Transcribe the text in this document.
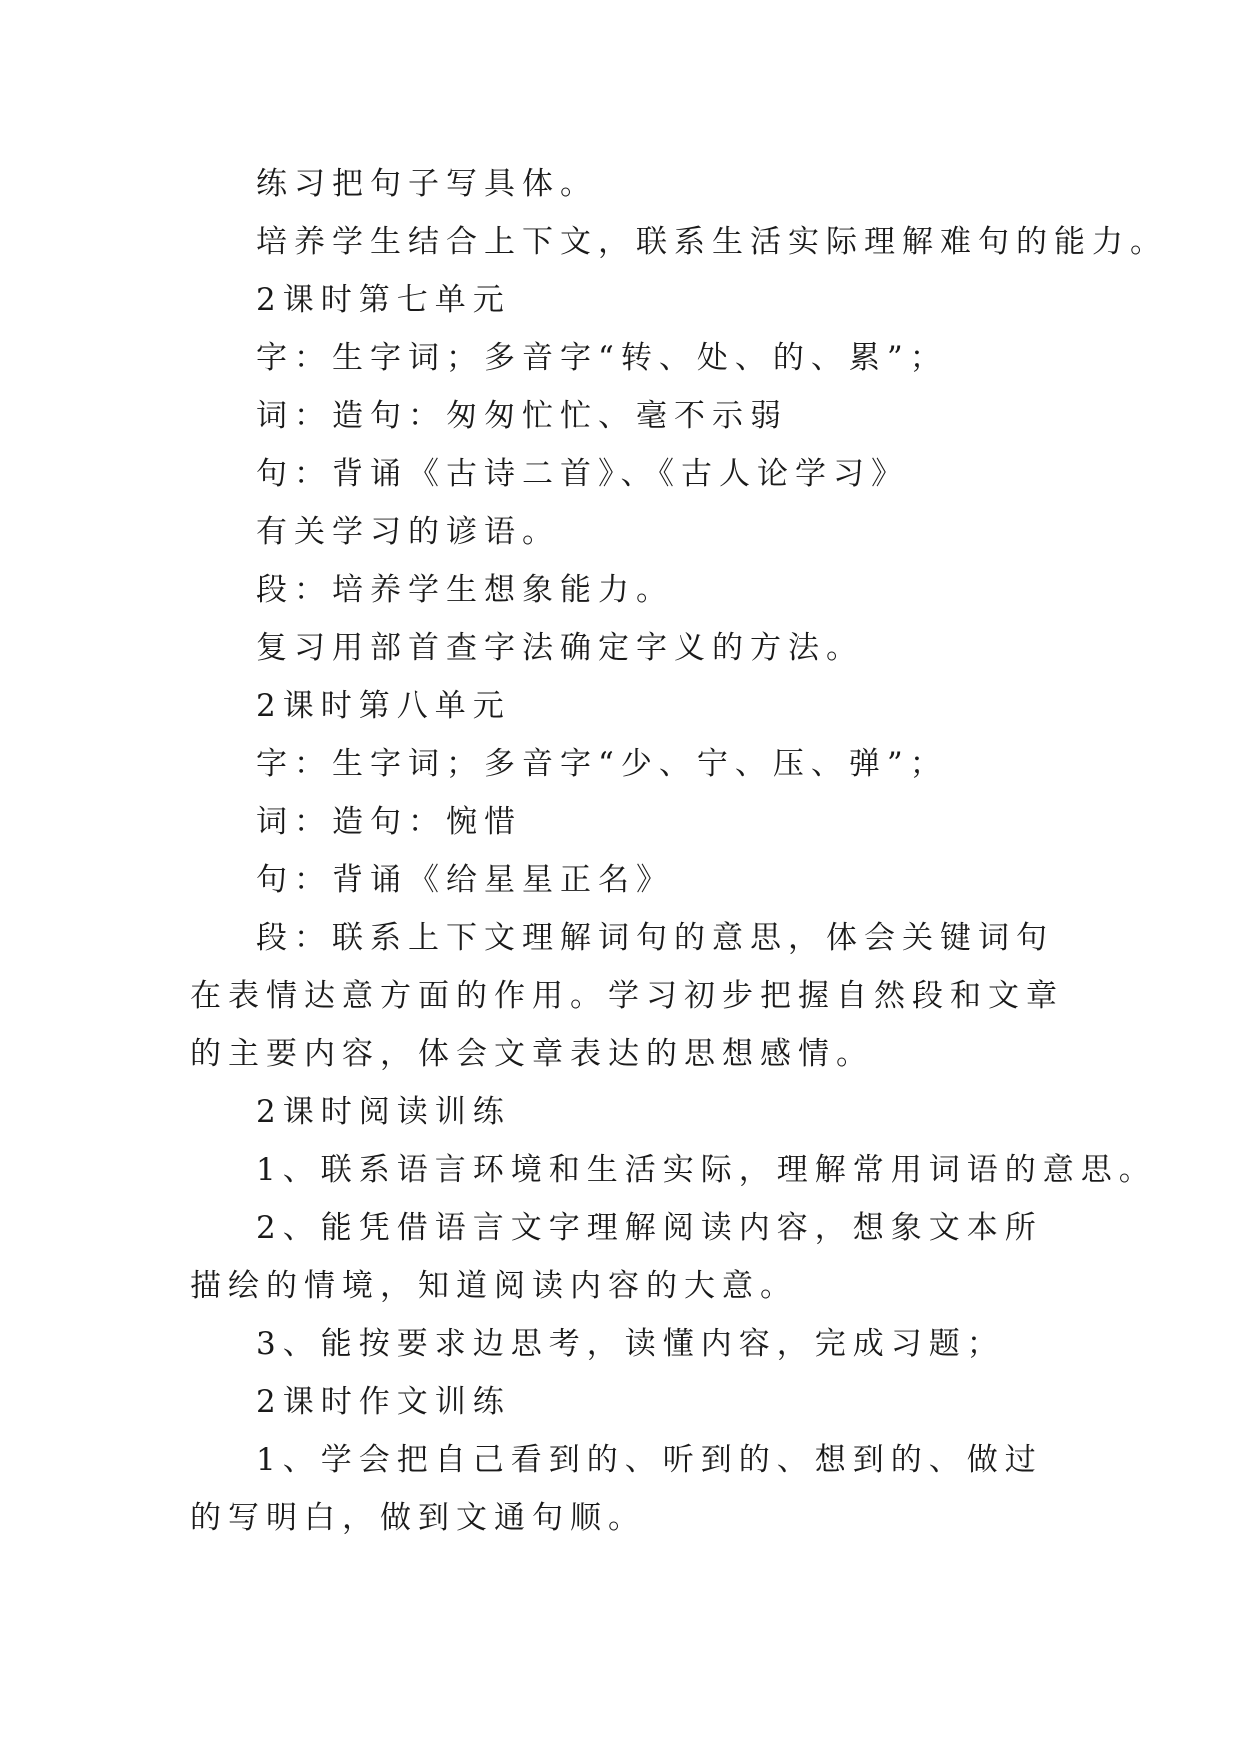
练习把句子写具体。

培养学生结合上下文，联系生活实际理解难句的能力。

2课时第七单元

字：生字词；多音字“转、处、的、累”；

词：造句：匆匆忙忙、毫不示弱

句：背诵《古诗二首》、《古人论学习》

有关学习的谚语。

段：培养学生想象能力。

复习用部首查字法确定字义的方法。

2课时第八单元

字：生字词；多音字“少、宁、压、弹”；

词：造句：惋惜

句：背诵《给星星正名》

段：联系上下文理解词句的意思，体会关键词句在表情达意方面的作用。学习初步把握自然段和文章的主要内容，体会文章表达的思想感情。

2课时阅读训练

1、联系语言环境和生活实际，理解常用词语的意思。

2、能凭借语言文字理解阅读内容，想象文本所描绘的情境，知道阅读内容的大意。

3、能按要求边思考，读懂内容，完成习题；

2课时作文训练

1、学会把自己看到的、听到的、想到的、做过的写明白，做到文通句顺。
